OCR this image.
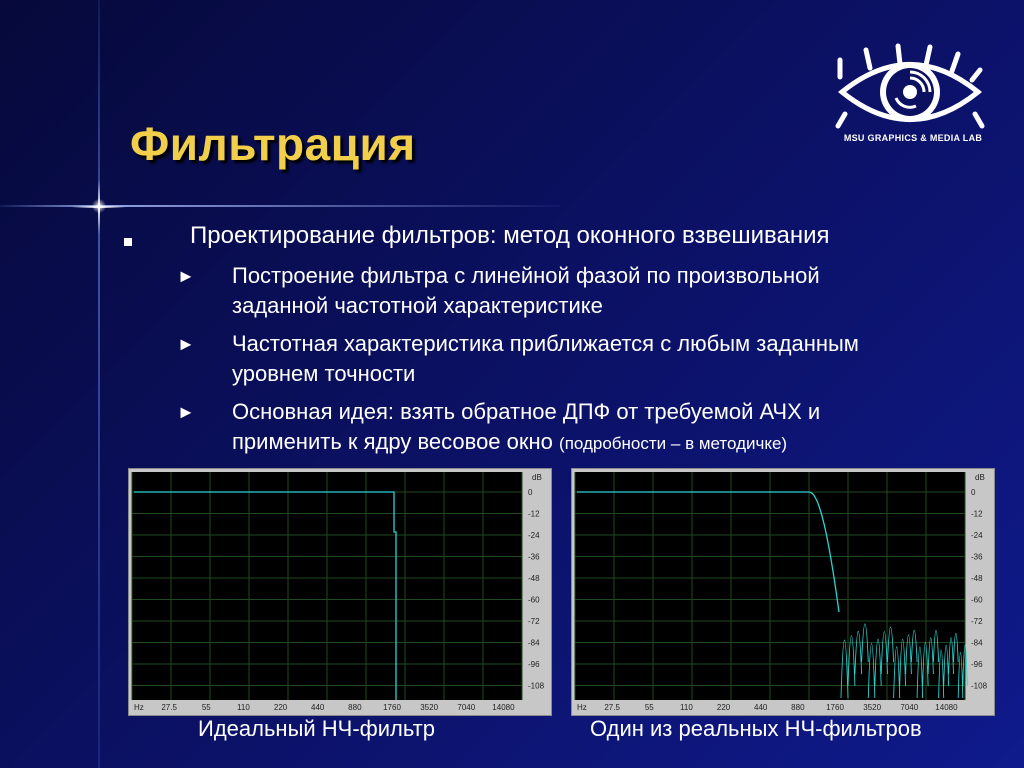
Фильтрация	MSU GRAPHICS & MEDIA LAB
Проектирование фильтров: метод оконного взвешивания
► Построение фильтра с линейной фазой по произвольной
заданной частотной характеристике
► Частотная характеристика приближается с любым заданным
уровнем точности
► Основная идея: взять обратное ДПФ от требуемой АЧХ и
применить к ядру весовое окно (подробности – в методичке)
0
-12
-24
-36
-48
-60
-72
-84
-96
-108
dB
Hz 27.5	55	110	220	440	880	1760 3520 7040 14080
0
-12
-24
-36
-48
-60
-72
-84
-96
-108
dB
Hz 27.5	55	110	220	440	880	1760 3520 7040 14080
Идеальный НЧ-фильтр	Один из реальных НЧ-фильтров
